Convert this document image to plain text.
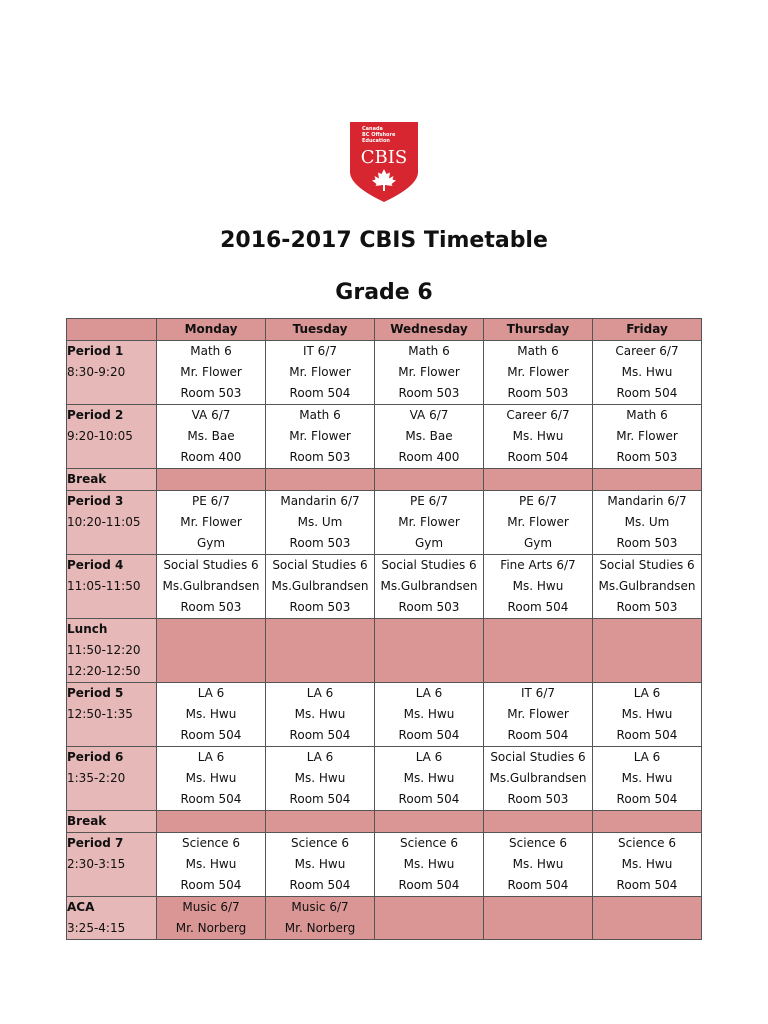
Canada
BC Offshore
Education
CBIS
2016-2017 CBIS Timetable
Grade 6
	Monday	Tuesday	Wednesday	Thursday	Friday

Period 1
8:30-9:20	Math 6
Mr. Flower
Room 503	IT 6/7
Mr. Flower
Room 504	Math 6
Mr. Flower
Room 503	Math 6
Mr. Flower
Room 503	Career 6/7
Ms. Hwu
Room 504

Period 2
9:20-10:05	VA 6/7
Ms. Bae
Room 400	Math 6
Mr. Flower
Room 503	VA 6/7
Ms. Bae
Room 400	Career 6/7
Ms. Hwu
Room 504	Math 6
Mr. Flower
Room 503

Break					

Period 3
10:20-11:05	PE 6/7
Mr. Flower
Gym	Mandarin 6/7
Ms. Um
Room 503	PE 6/7
Mr. Flower
Gym	PE 6/7
Mr. Flower
Gym	Mandarin 6/7
Ms. Um
Room 503

Period 4
11:05-11:50	Social Studies 6
Ms.Gulbrandsen
Room 503	Social Studies 6
Ms.Gulbrandsen
Room 503	Social Studies 6
Ms.Gulbrandsen
Room 503	Fine Arts 6/7
Ms. Hwu
Room 504	Social Studies 6
Ms.Gulbrandsen
Room 503

Lunch
11:50-12:20
12:20-12:50					

Period 5
12:50-1:35	LA 6
Ms. Hwu
Room 504	LA 6
Ms. Hwu
Room 504	LA 6
Ms. Hwu
Room 504	IT 6/7
Mr. Flower
Room 504	LA 6
Ms. Hwu
Room 504

Period 6
1:35-2:20	LA 6
Ms. Hwu
Room 504	LA 6
Ms. Hwu
Room 504	LA 6
Ms. Hwu
Room 504	Social Studies 6
Ms.Gulbrandsen
Room 503	LA 6
Ms. Hwu
Room 504

Break					

Period 7
2:30-3:15	Science 6
Ms. Hwu
Room 504	Science 6
Ms. Hwu
Room 504	Science 6
Ms. Hwu
Room 504	Science 6
Ms. Hwu
Room 504	Science 6
Ms. Hwu
Room 504

ACA
3:25-4:15	Music 6/7
Mr. Norberg	Music 6/7
Mr. Norberg			
